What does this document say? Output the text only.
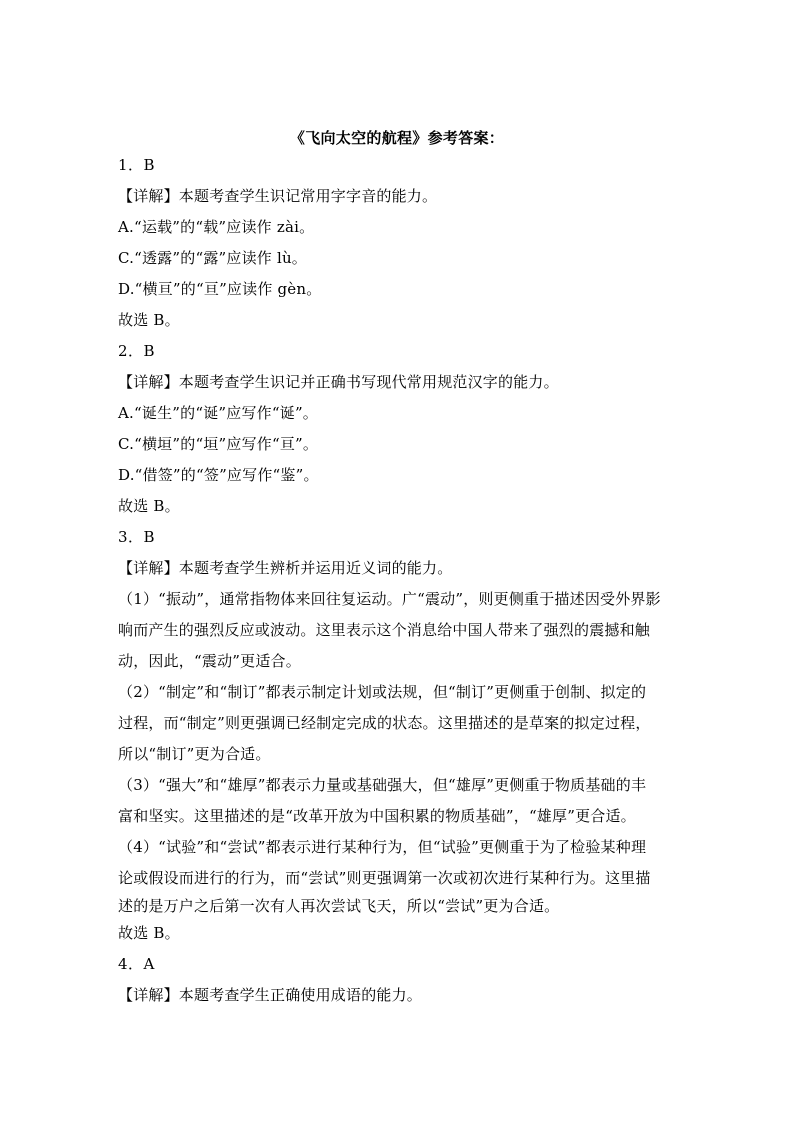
《飞向太空的航程》参考答案：
1．B
【详解】本题考查学生识记常用字字音的能力。
A.“运载”的“载”应读作 zài。
C.“透露”的“露”应读作 lù。
D.“横亘”的“亘”应读作 gèn。
故选 B。
2．B
【详解】本题考查学生识记并正确书写现代常用规范汉字的能力。
A.“诞生”的“诞”应写作“诞”。
C.“横垣”的“垣”应写作“亘”。
D.“借签”的“签”应写作“鉴”。
故选 B。
3．B
【详解】本题考查学生辨析并运用近义词的能力。
（1）“振动”，通常指物体来回往复运动。广“震动”，则更侧重于描述因受外界影
响而产生的强烈反应或波动。这里表示这个消息给中国人带来了强烈的震撼和触
动，因此，“震动”更适合。
（2）“制定”和“制订”都表示制定计划或法规，但“制订”更侧重于创制、拟定的
过程，而“制定”则更强调已经制定完成的状态。这里描述的是草案的拟定过程，
所以“制订”更为合适。
（3）“强大”和“雄厚”都表示力量或基础强大，但“雄厚”更侧重于物质基础的丰
富和坚实。这里描述的是“改革开放为中国积累的物质基础”，“雄厚”更合适。
（4）“试验”和“尝试”都表示进行某种行为，但“试验”更侧重于为了检验某种理
论或假设而进行的行为，而“尝试”则更强调第一次或初次进行某种行为。这里描
述的是万户之后第一次有人再次尝试飞天，所以“尝试”更为合适。
故选 B。
4．A
【详解】本题考查学生正确使用成语的能力。
